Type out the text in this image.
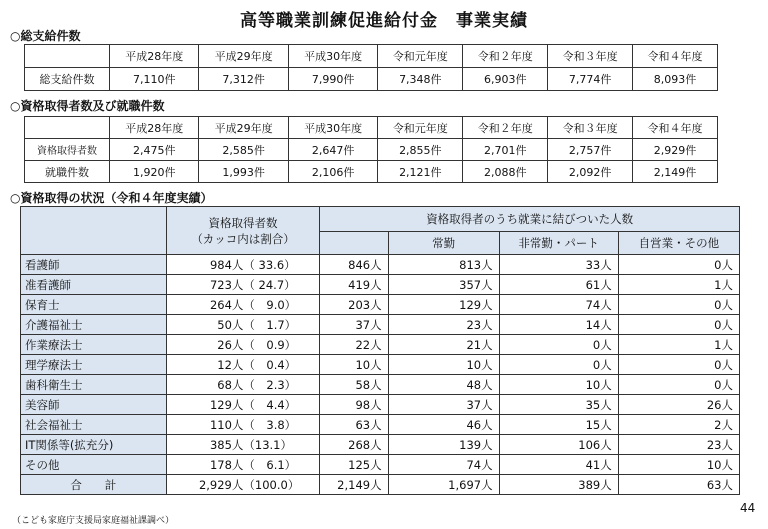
高等職業訓練促進給付金　事業実績
○総支給件数
	平成28年度	平成29年度	平成30年度	令和元年度	令和２年度	令和３年度	令和４年度
総支給件数	7,110件	7,312件	7,990件	7,348件	6,903件	7,774件	8,093件
○資格取得者数及び就職件数
	平成28年度	平成29年度	平成30年度	令和元年度	令和２年度	令和３年度	令和４年度
資格取得者数	2,475件	2,585件	2,647件	2,855件	2,701件	2,757件	2,929件
就職件数	1,920件	1,993件	2,106件	2,121件	2,088件	2,092件	2,149件
○資格取得の状況（令和４年度実績）

	資格取得者数
（カッコ内は割合）	資格取得者のうち就業に結びついた人数			
			常勤	非常勤・パート	自営業・その他
看護師	984人（ 33.6）	846人	813人	33人	0人
准看護師	723人（ 24.7）	419人	357人	61人	1人
保育士	264人（　9.0）	203人	129人	74人	0人
介護福祉士	50人（　1.7）	37人	23人	14人	0人
作業療法士	26人（　0.9）	22人	21人	0人	1人
理学療法士	12人（　0.4）	10人	10人	0人	0人
歯科衛生士	68人（　2.3）	58人	48人	10人	0人
美容師	129人（　4.4）	98人	37人	35人	26人
社会福祉士	110人（　3.8）	63人	46人	15人	2人
IT関係等(拡充分)	385人（13.1）	268人	139人	106人	23人
その他	178人（　6.1）	125人	74人	41人	10人
合　　計	2,929人（100.0）	2,149人	1,697人	389人	63人
（こども家庭庁支援局家庭福祉課調べ）
44
